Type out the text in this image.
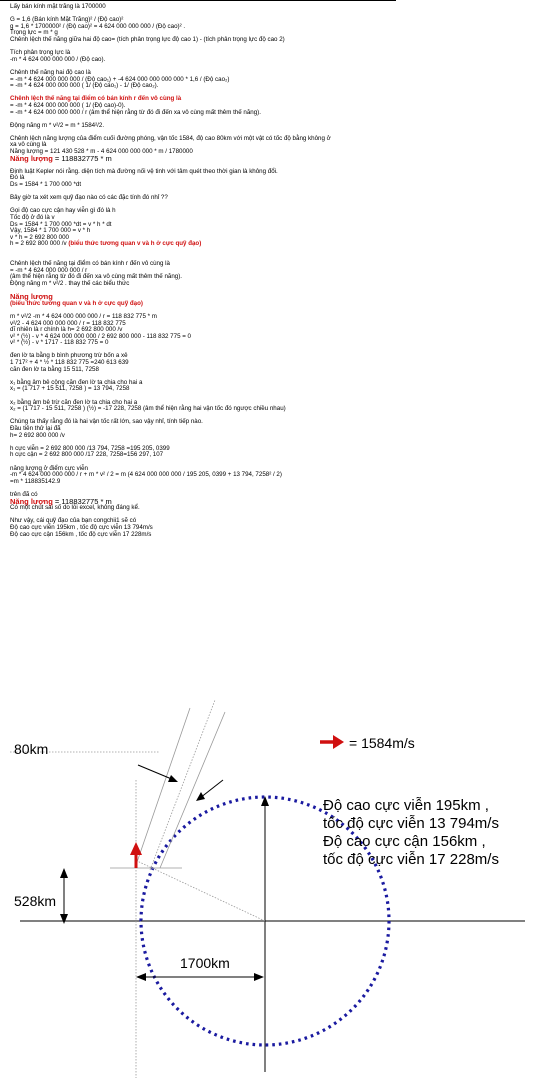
Lấy bán kính mặt trăng là 1700000
G = 1,6 (Bán kính Mặt Trăng)² / (Độ cao)²
g = 1,6 * 1700000² / (Độ cao)² = 4 624 000 000 000 / (Độ cao)² .
Trọng lực = m * g
Chênh lệch thế năng giữa hai độ cao= (tích phân trọng lực độ cao 1) - (tích phân trọng lực độ cao 2)
Tích phân trọng lực là
-m * 4 624 000 000 000 / (Độ cao).
Chênh thế năng hai độ cao là
= -m * 4 624 000 000 000 / (Độ cao₁) + -4 624 000 000 000 000 * 1,6 / (Độ cao₂)
= -m * 4 624 000 000 000 ( 1/ (Độ cao₁) - 1/ (Độ cao₂).
Chênh lệch thế năng tại điểm có bán kính r đến vô cùng là
= -m * 4 624 000 000 000 ( 1/ (Độ cao)-0).
= -m * 4 624 000 000 000 / r (âm thể hiện rằng từ đó đi đến xa vô cùng mất thêm thế năng).
Động năng m * v²/2 = m * 1584²/2.
Chênh lệch năng lượng của điểm cuối đường phóng, vận tốc 1584, độ cao 80km với một vật có tốc độ bằng không ở
xa vô cùng là
Năng lượng = 121 430 528 * m - 4 624 000 000 000 * m / 1780000
Năng lượng = 118832775 * m
Định luật Kepler nói rằng. diện tích mà đường nối vệ tinh với tâm quét theo thời gian là không đổi.
Đó là
Ds = 1584 * 1 700 000 *dt
Bây giờ ta xét xem quỹ đạo nào có các đặc tính đó nhỉ ??
Gọi độ cao cực cận hay viễn gì đó là h
Tốc độ ở đó là v
Ds = 1584 * 1 700 000 *dt = v * h * dt
Vậy, 1584 * 1 700 000 = v * h
v * h = 2 692 800 000
h = 2 692 800 000 /v (biểu thức tương quan v và h ở cực quỹ đạo)
Chênh lệch thế năng tại điểm có bán kính r đến vô cùng là
= -m * 4 624 000 000 000 / r
(âm thể hiện rằng từ đó đi đến xa vô cùng mất thêm thế năng).
Động năng m * v²/2 . thay thế các biểu thức
Năng lượng
(biểu thức tương quan v và h ở cực quỹ đạo)
m * v²/2 -m * 4 624 000 000 000 / r = 118 832 775 * m
v²/2 - 4 624 000 000 000 / r = 118 832 775
dĩ nhiên là r chính là h= 2 692 800 000 /v
v² * (½) - v * 4 624 000 000 000 / 2 692 800 000 - 118 832 775 = 0
v² * (½) - v * 1717 - 118 832 775 = 0
đen lờ ta bằng b bình phương trừ bốn a xê
1 717² + 4 * ½ * 118 832 775 =240 613 639
căn đen lờ ta bằng 15 511, 7258
x₁ bằng âm bê cộng căn đen lờ ta chia cho hai a
x₁ = (1 717 + 15 511, 7258 ) = 13 794, 7258
x₂ bằng âm bê trừ căn đen lờ ta chia cho hai a
x₂ = (1 717 - 15 511, 7258 ) (½) = -17 228, 7258 (âm thể hiện rằng hai vận tốc đó ngược chiều nhau)
Chúng ta thấy rằng đó là hai vận tốc rất lớn, sao vậy nhỉ, tính tiếp nào.
Đầu tiên thử lại đã
h= 2 692 800 000 /v
h cực viễn = 2 692 800 000 /13 794, 7258 =195 205, 0399
h cực cận = 2 692 800 000 /17 228, 7258=156 297, 107
năng lượng ở điểm cực viễn
-m * 4 624 000 000 000 / r + m * v² / 2 = m (4 624 000 000 000 / 195 205, 0399 + 13 794, 7258² / 2)
=m * 118835142.9
trên đã có
Năng lượng = 118832775 * m
Có một chút sai số do lỗi excel, không đáng kể.
Như vậy, cái quỹ đạo của bạn congchii1 sẽ có
Độ cao cực viễn 195km , tốc độ cực viễn 13 794m/s
Độ cao cực cận 156km , tốc độ cực viễn 17 228m/s
80km
528km
1700km
= 1584m/s
Độ cao cực viễn 195km ,
tốc độ cực viễn 13 794m/s
Độ cao cực cận 156km ,
tốc độ cực viễn 17 228m/s
